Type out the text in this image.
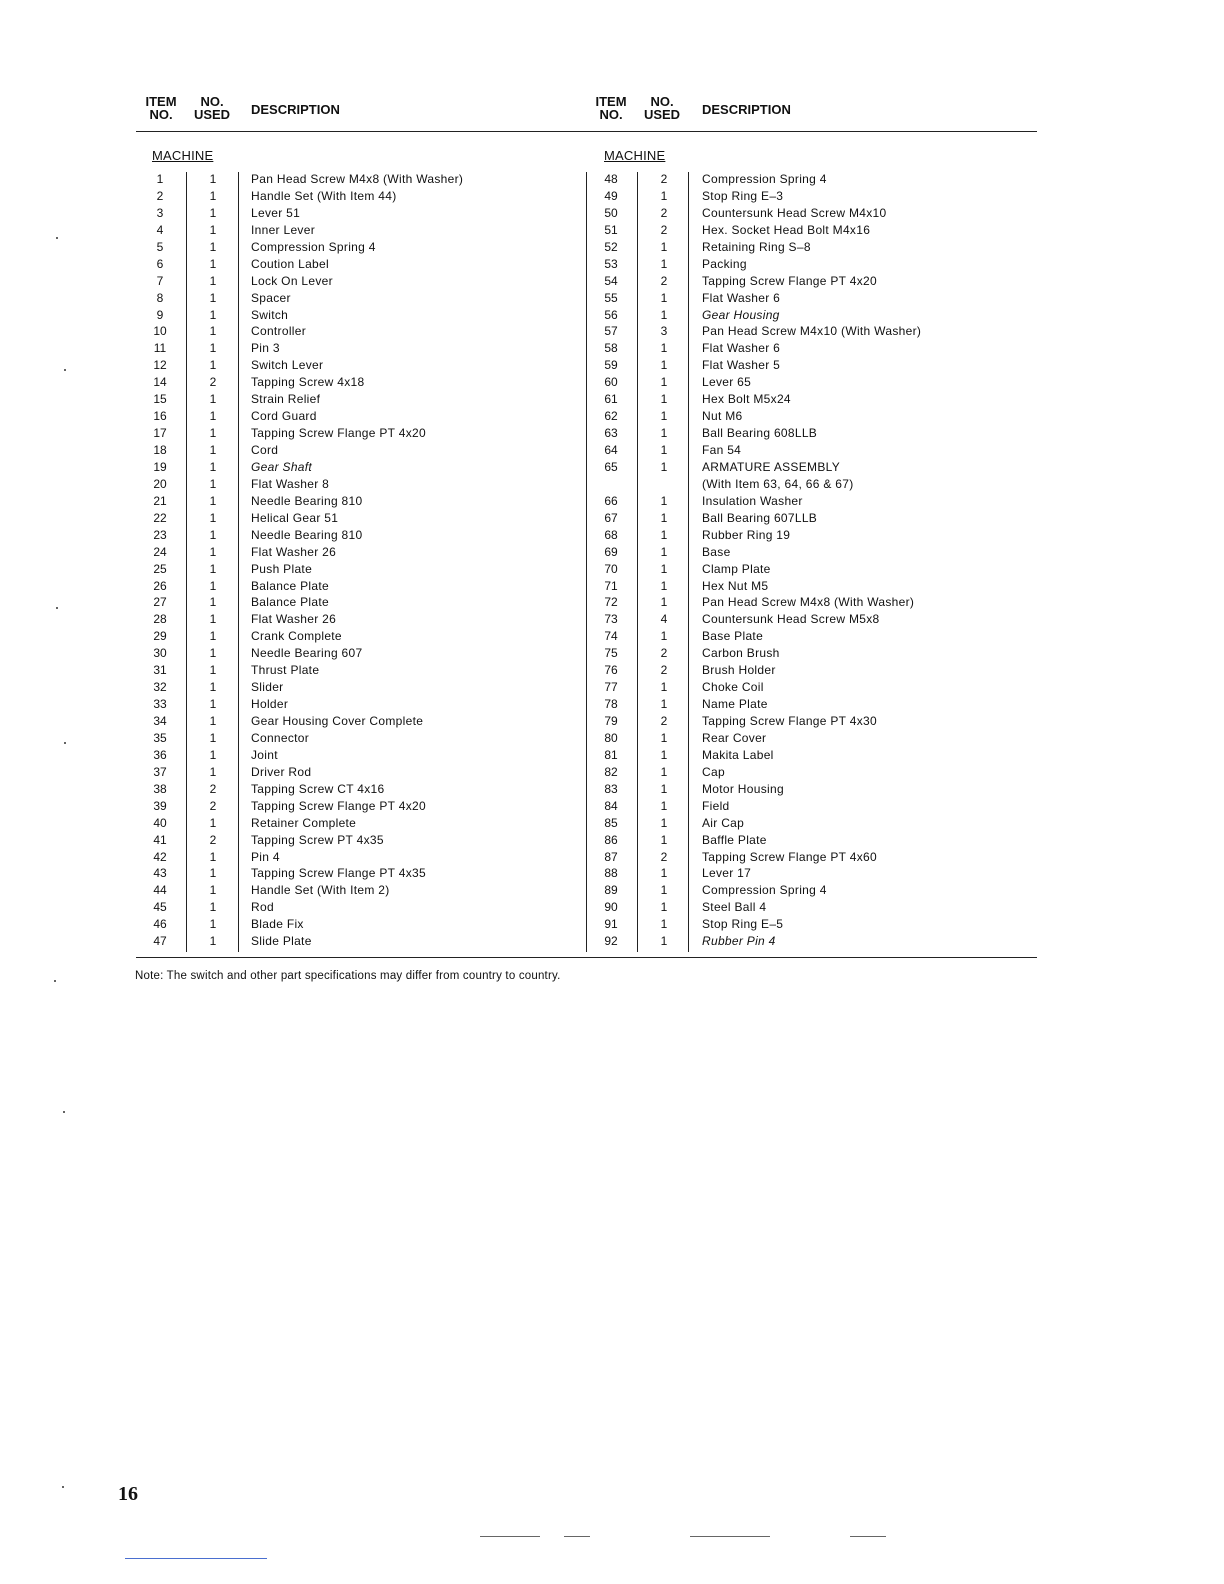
ITEM
NO.
NO.
USED	DESCRIPTION
ITEM
NO.
NO.
USED	DESCRIPTION
MACHINE	MACHINE
1	1	Pan Head Screw M4x8 (With Washer)
2	1	Handle Set (With Item 44)
3	1	Lever 51
4	1	Inner Lever
5	1	Compression Spring 4
6	1	Coution Label
7	1	Lock On Lever
8	1	Spacer
9	1	Switch
10	1	Controller
11	1	Pin 3
12	1	Switch Lever
14	2	Tapping Screw 4x18
15	1	Strain Relief
16	1	Cord Guard
17	1	Tapping Screw Flange PT 4x20
18	1	Cord
19	1	Gear Shaft
20	1	Flat Washer 8
21	1	Needle Bearing 810
22	1	Helical Gear 51
23	1	Needle Bearing 810
24	1	Flat Washer 26
25	1	Push Plate
26	1	Balance Plate
27	1	Balance Plate
28	1	Flat Washer 26
29	1	Crank Complete
30	1	Needle Bearing 607
31	1	Thrust Plate
32	1	Slider
33	1	Holder
34	1	Gear Housing Cover Complete
35	1	Connector
36	1	Joint
37	1	Driver Rod
38	2	Tapping Screw CT 4x16
39	2	Tapping Screw Flange PT 4x20
40	1	Retainer Complete
41	2	Tapping Screw PT 4x35
42	1	Pin 4
43	1	Tapping Screw Flange PT 4x35
44	1	Handle Set (With Item 2)
45	1	Rod
46	1	Blade Fix
47	1	Slide Plate
48	2	Compression Spring 4
49	1	Stop Ring E–3
50	2	Countersunk Head Screw M4x10
51	2	Hex. Socket Head Bolt M4x16
52	1	Retaining Ring S–8
53	1	Packing
54	2	Tapping Screw Flange PT 4x20
55	1	Flat Washer 6
56	1	Gear Housing
57	3	Pan Head Screw M4x10 (With Washer)
58	1	Flat Washer 6
59	1	Flat Washer 5
60	1	Lever 65
61	1	Hex Bolt M5x24
62	1	Nut M6
63	1	Ball Bearing 608LLB
64	1	Fan 54
65	1	ARMATURE ASSEMBLY
(With Item 63, 64, 66 & 67)
66	1	Insulation Washer
67	1	Ball Bearing 607LLB
68	1	Rubber Ring 19
69	1	Base
70	1	Clamp Plate
71	1	Hex Nut M5
72	1	Pan Head Screw M4x8 (With Washer)
73	4	Countersunk Head Screw M5x8
74	1	Base Plate
75	2	Carbon Brush
76	2	Brush Holder
77	1	Choke Coil
78	1	Name Plate
79	2	Tapping Screw Flange PT 4x30
80	1	Rear Cover
81	1	Makita Label
82	1	Cap
83	1	Motor Housing
84	1	Field
85	1	Air Cap
86	1	Baffle Plate
87	2	Tapping Screw Flange PT 4x60
88	1	Lever 17
89	1	Compression Spring 4
90	1	Steel Ball 4
91	1	Stop Ring E–5
92	1	Rubber Pin 4
Note: The switch and other part specifications may differ from country to country.
16
